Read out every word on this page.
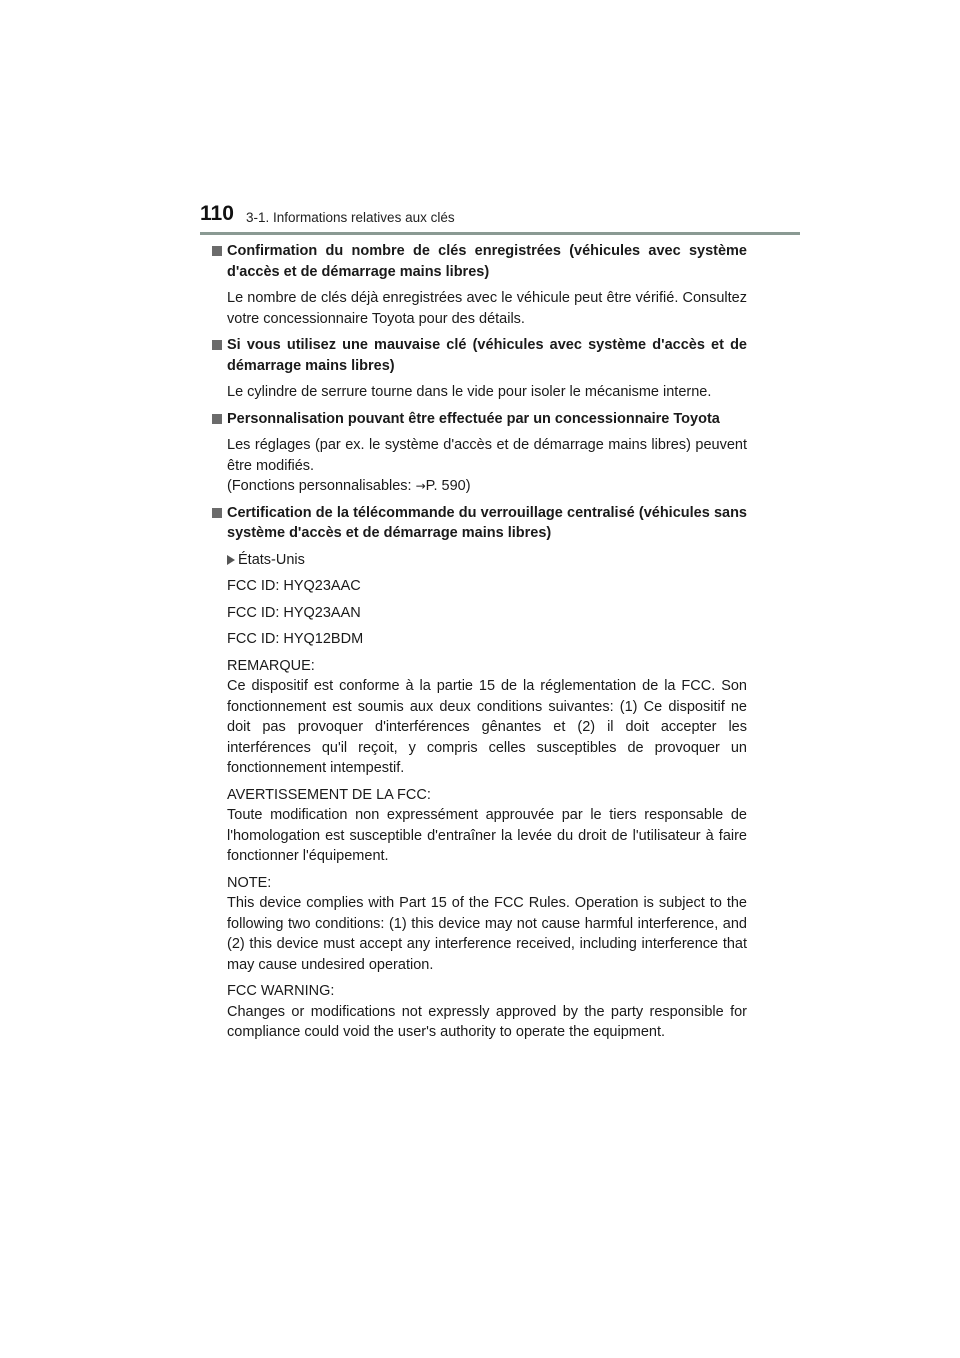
110 3-1. Informations relatives aux clés
Confirmation du nombre de clés enregistrées (véhicules avec système d'accès et de démarrage mains libres)
Le nombre de clés déjà enregistrées avec le véhicule peut être vérifié. Consultez votre concessionnaire Toyota pour des détails.
Si vous utilisez une mauvaise clé (véhicules avec système d'accès et de démarrage mains libres)
Le cylindre de serrure tourne dans le vide pour isoler le mécanisme interne.
Personnalisation pouvant être effectuée par un concessionnaire Toyota
Les réglages (par ex. le système d'accès et de démarrage mains libres) peuvent être modifiés.
(Fonctions personnalisables: →P. 590)
Certification de la télécommande du verrouillage centralisé (véhicules sans système d'accès et de démarrage mains libres)
États-Unis
FCC ID: HYQ23AAC
FCC ID: HYQ23AAN
FCC ID: HYQ12BDM
REMARQUE:
Ce dispositif est conforme à la partie 15 de la réglementation de la FCC. Son fonctionnement est soumis aux deux conditions suivantes: (1) Ce dispositif ne doit pas provoquer d'interférences gênantes et (2) il doit accepter les interférences qu'il reçoit, y compris celles susceptibles de provoquer un fonctionnement intempestif.
AVERTISSEMENT DE LA FCC:
Toute modification non expressément approuvée par le tiers responsable de l'homologation est susceptible d'entraîner la levée du droit de l'utilisateur à faire fonctionner l'équipement.
NOTE:
This device complies with Part 15 of the FCC Rules. Operation is subject to the following two conditions: (1) this device may not cause harmful interference, and (2) this device must accept any interference received, including interference that may cause undesired operation.
FCC WARNING:
Changes or modifications not expressly approved by the party responsible for compliance could void the user's authority to operate the equipment.
